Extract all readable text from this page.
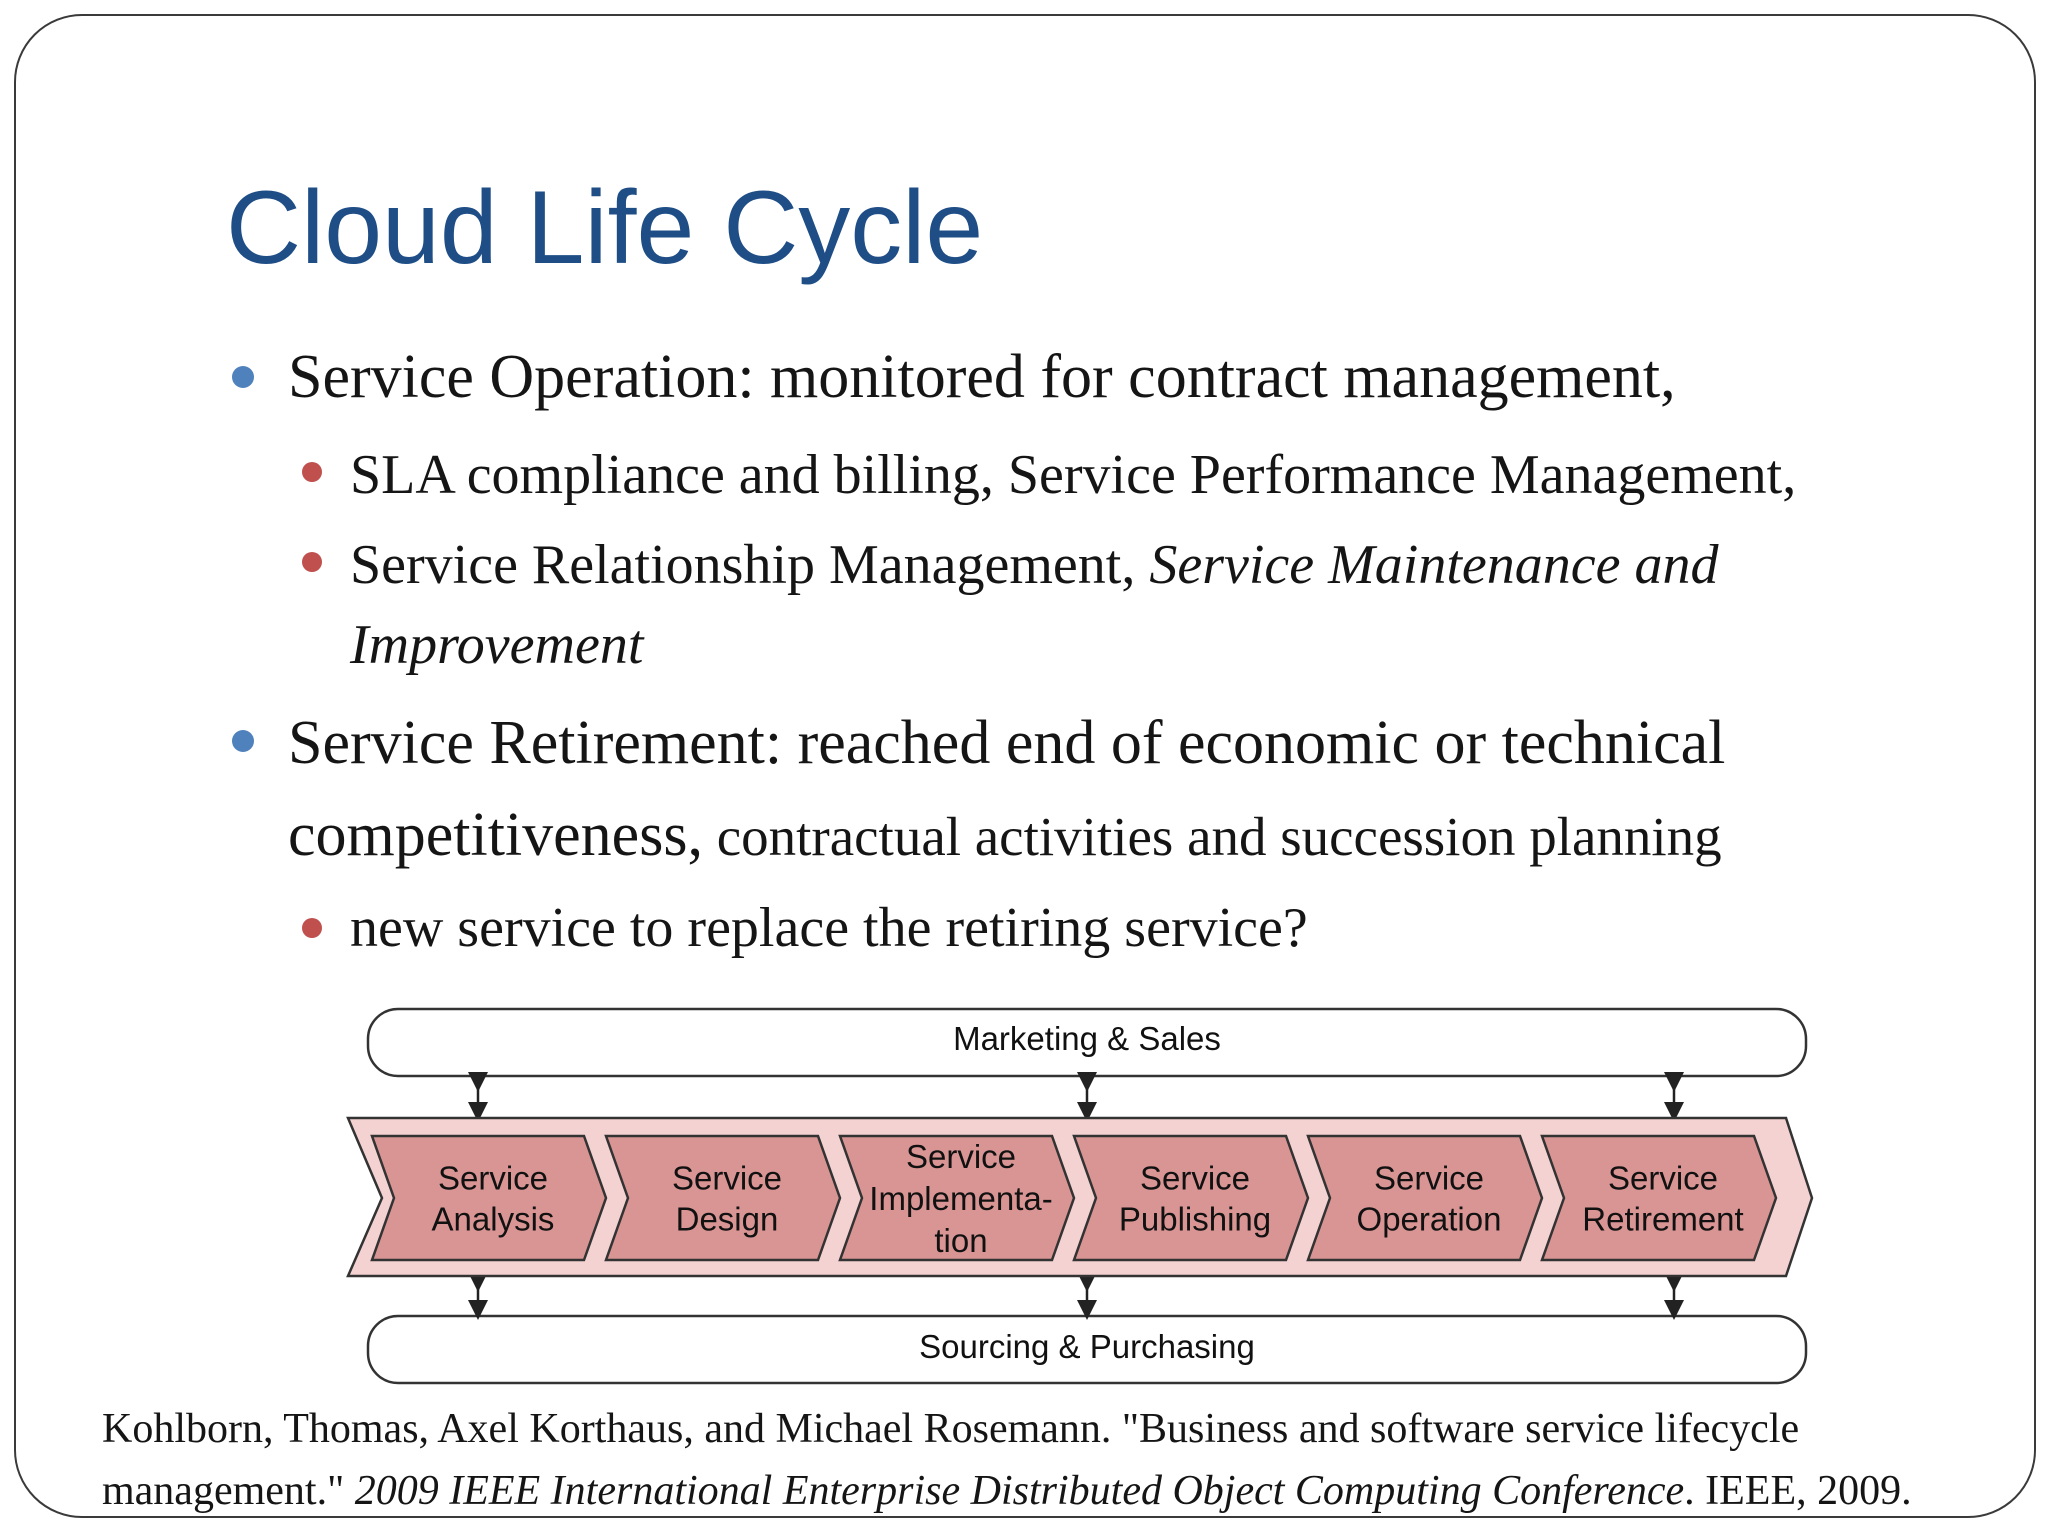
Cloud Life Cycle
Service Operation: monitored for contract management,
SLA compliance and billing, Service Performance Management,
Service Relationship Management, Service Maintenance and
Improvement
Service Retirement: reached end of economic or technical
competitiveness, contractual activities and succession planning
new service to replace the retiring service?
Marketing & Sales
Sourcing & Purchasing
Service
Analysis
Service
Design
Service
Implementa-
tion
Service
Publishing
Service
Operation
Service
Retirement
Kohlborn, Thomas, Axel Korthaus, and Michael Rosemann. "Business and software service lifecycle
management." 2009 IEEE International Enterprise Distributed Object Computing Conference. IEEE, 2009.
